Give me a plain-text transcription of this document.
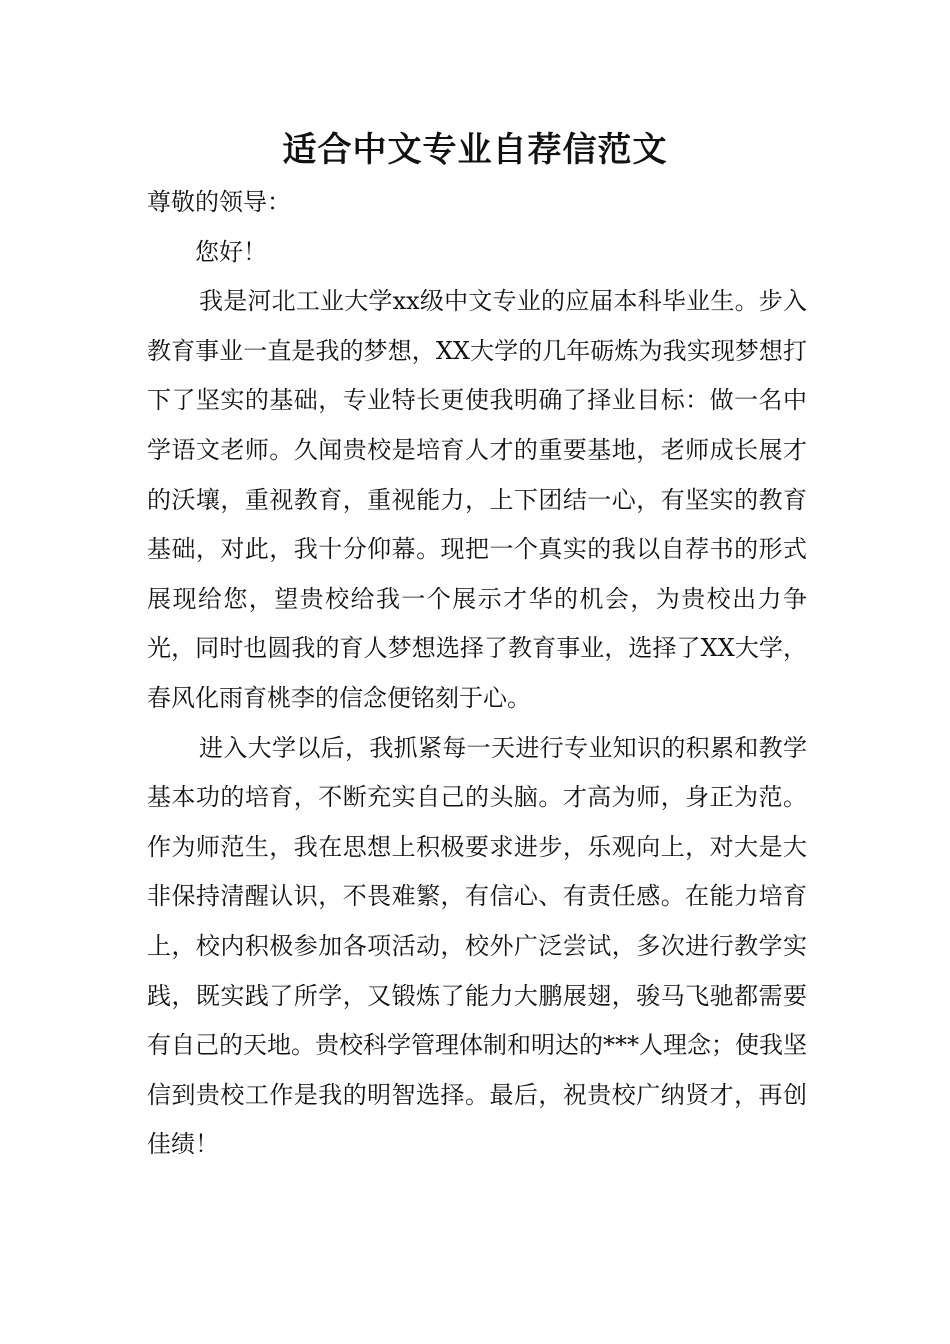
适合中文专业自荐信范文

尊敬的领导：

您好！

我是河北工业大学xx级中文专业的应届本科毕业生。步入教育事业一直是我的梦想，XX大学的几年砺炼为我实现梦想打下了坚实的基础，专业特长更使我明确了择业目标：做一名中学语文老师。久闻贵校是培育人才的重要基地，老师成长展才的沃壤，重视教育，重视能力，上下团结一心，有坚实的教育基础，对此，我十分仰幕。现把一个真实的我以自荐书的形式展现给您，望贵校给我一个展示才华的机会，为贵校出力争光，同时也圆我的育人梦想选择了教育事业，选择了XX大学，春风化雨育桃李的信念便铭刻于心。

进入大学以后，我抓紧每一天进行专业知识的积累和教学基本功的培育，不断充实自己的头脑。才高为师，身正为范。作为师范生，我在思想上积极要求进步，乐观向上，对大是大非保持清醒认识，不畏难繁，有信心、有责任感。在能力培育上，校内积极参加各项活动，校外广泛尝试，多次进行教学实践，既实践了所学，又锻炼了能力大鹏展翅，骏马飞驰都需要有自己的天地。贵校科学管理体制和明达的***人理念；使我坚信到贵校工作是我的明智选择。最后，祝贵校广纳贤才，再创佳绩！
